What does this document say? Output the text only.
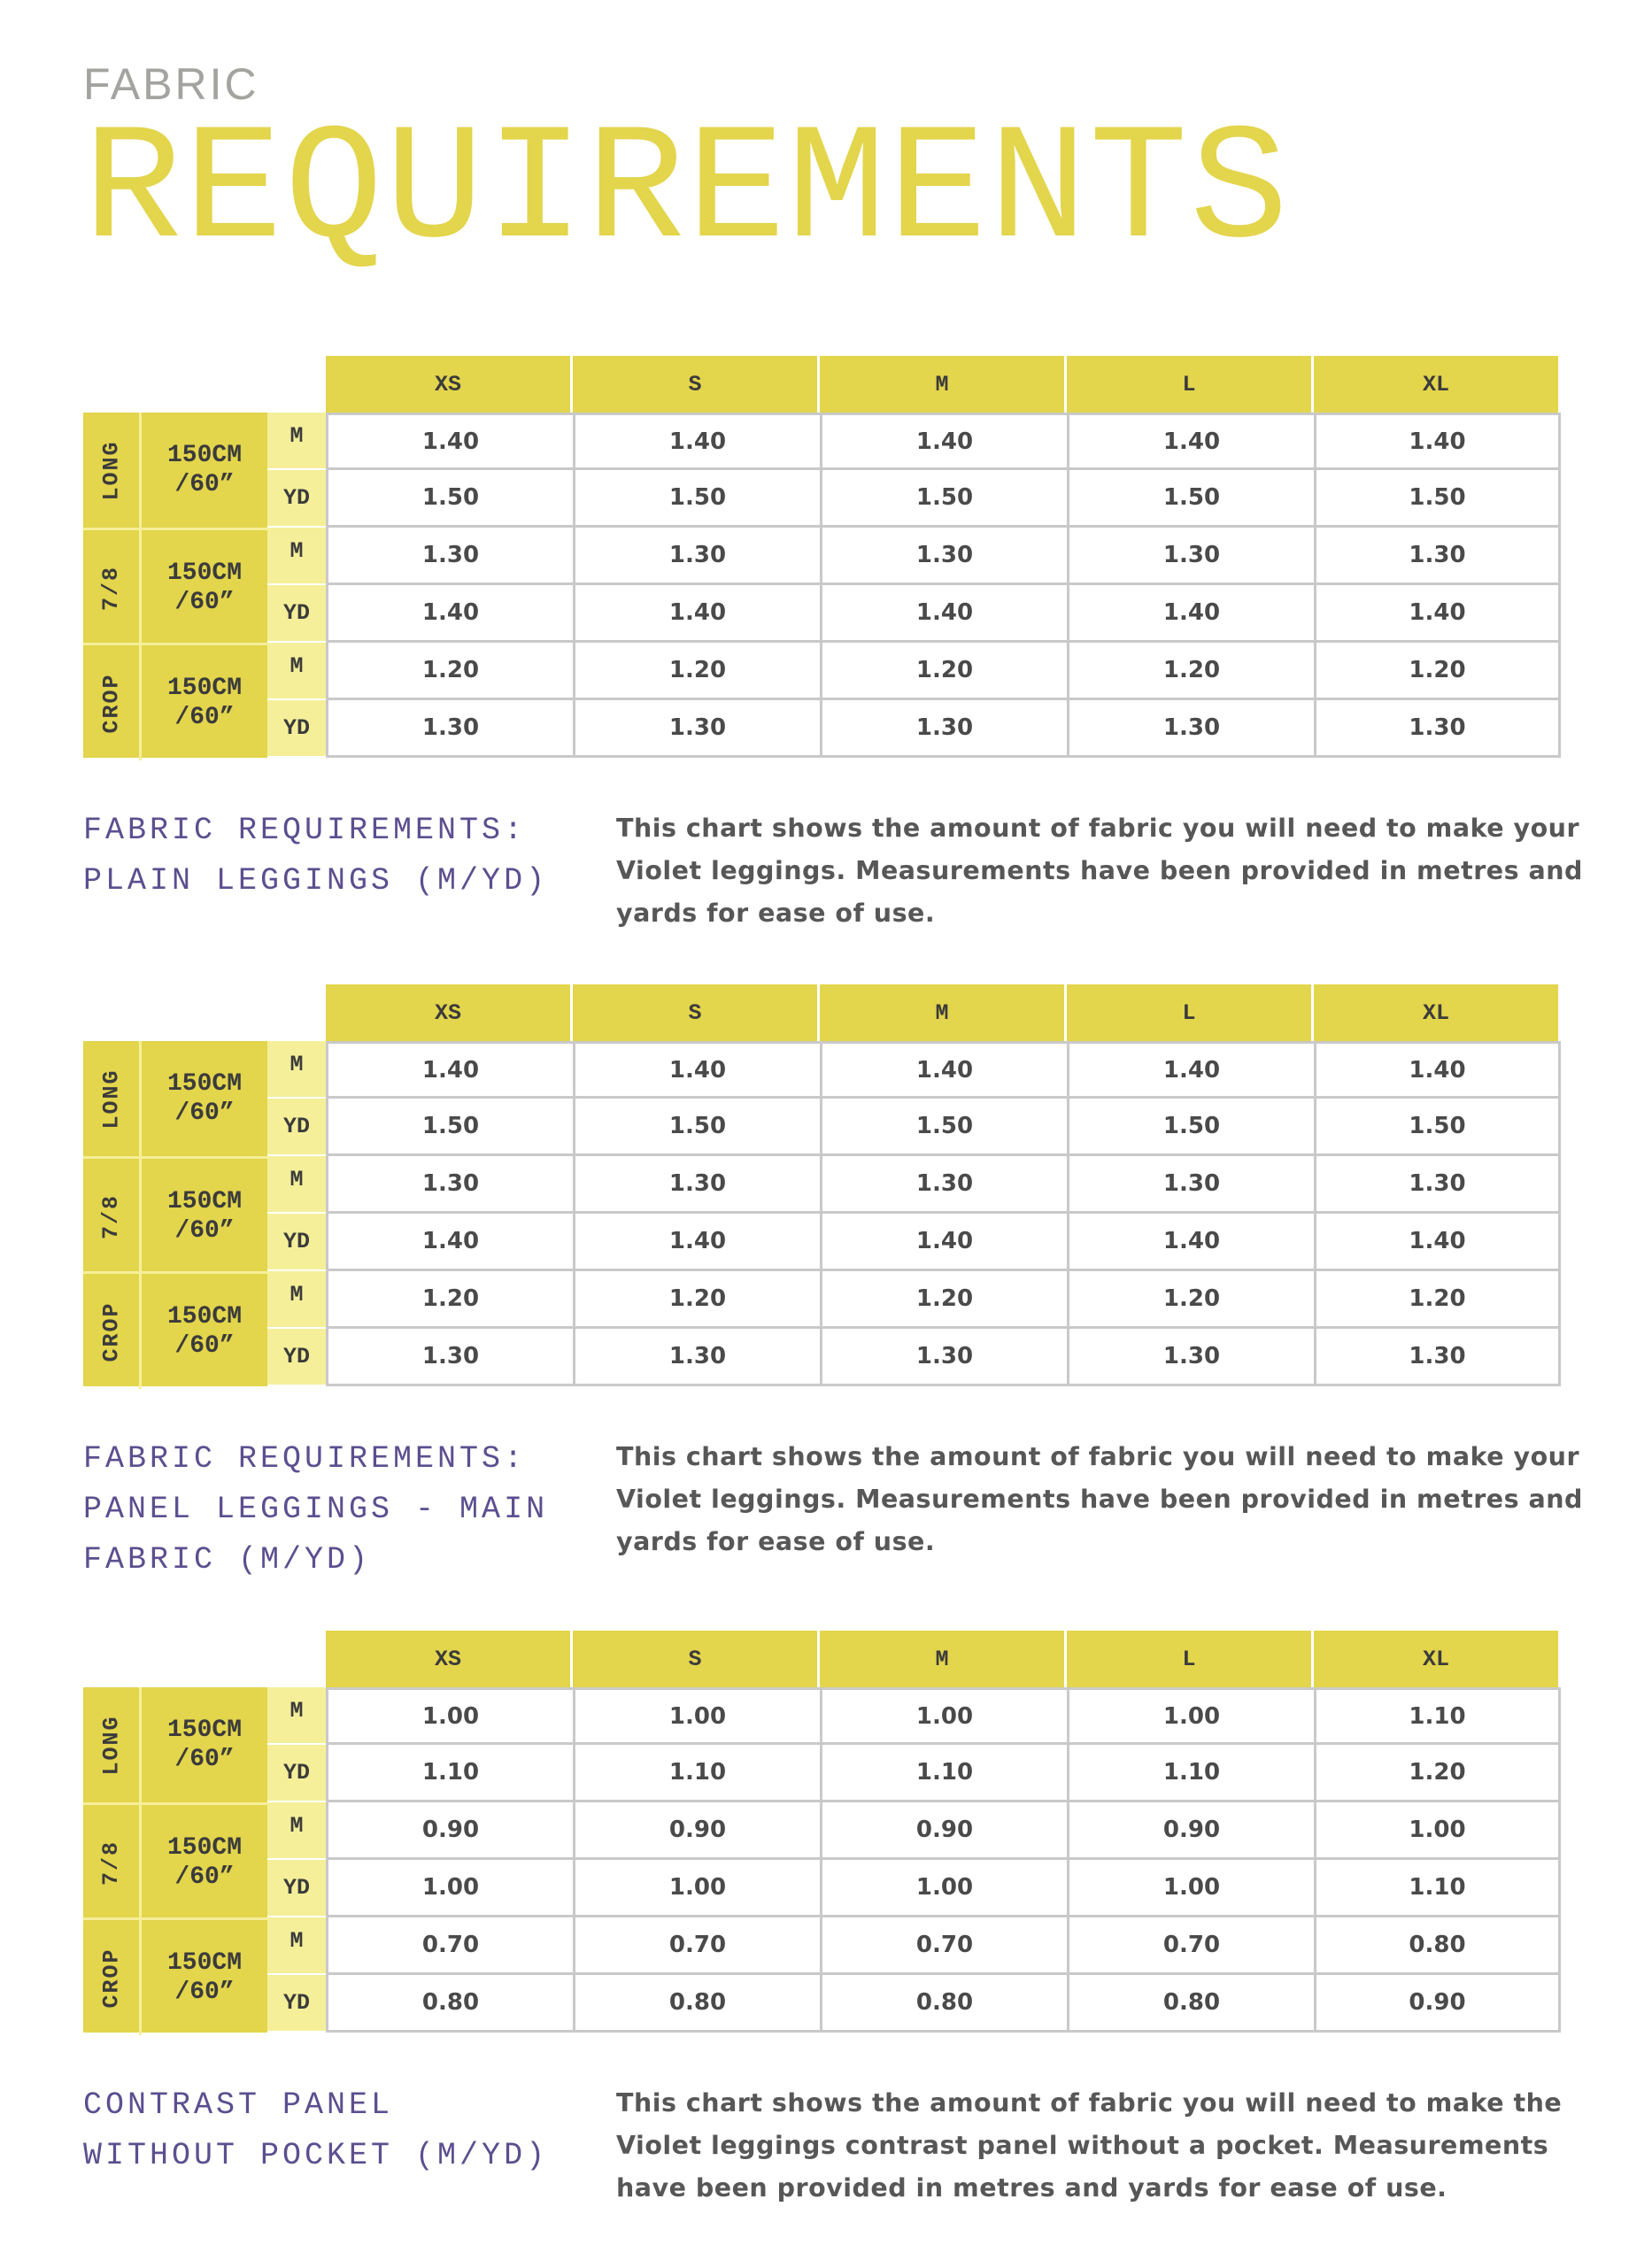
FABRIC
REQUIREMENTS
XS	S	M	L	XL
LONG 150CM
/60”
M	1.40	1.40	1.40	1.40	1.40
YD	1.50	1.50	1.50	1.50	1.50
7/8 150CM
/60”
M	1.30	1.30	1.30	1.30	1.30
YD	1.40	1.40	1.40	1.40	1.40
CROP 150CM
/60”
M	1.20	1.20	1.20	1.20	1.20
YD	1.30	1.30	1.30	1.30	1.30
FABRIC REQUIREMENTS:
PLAIN LEGGINGS (M/YD)
This chart shows the amount of fabric you will need to make your Violet leggings. Measurements have been provided in metres and yards for ease of use.
XS	S	M	L	XL
LONG 150CM
/60”
M	1.40	1.40	1.40	1.40	1.40
YD	1.50	1.50	1.50	1.50	1.50
7/8 150CM
/60”
M	1.30	1.30	1.30	1.30	1.30
YD	1.40	1.40	1.40	1.40	1.40
CROP 150CM
/60”
M	1.20	1.20	1.20	1.20	1.20
YD	1.30	1.30	1.30	1.30	1.30
FABRIC REQUIREMENTS:
PANEL LEGGINGS - MAIN
FABRIC (M/YD)
This chart shows the amount of fabric you will need to make your Violet leggings. Measurements have been provided in metres and yards for ease of use.
XS	S	M	L	XL
LONG 150CM
/60”
M	1.00	1.00	1.00	1.00	1.10
YD	1.10	1.10	1.10	1.10	1.20
7/8 150CM
/60”
M	0.90	0.90	0.90	0.90	1.00
YD	1.00	1.00	1.00	1.00	1.10
CROP 150CM
/60”
M	0.70	0.70	0.70	0.70	0.80
YD	0.80	0.80	0.80	0.80	0.90
CONTRAST PANEL
WITHOUT POCKET (M/YD)
This chart shows the amount of fabric you will need to make the Violet leggings contrast panel without a pocket. Measurements have been provided in metres and yards for ease of use.
